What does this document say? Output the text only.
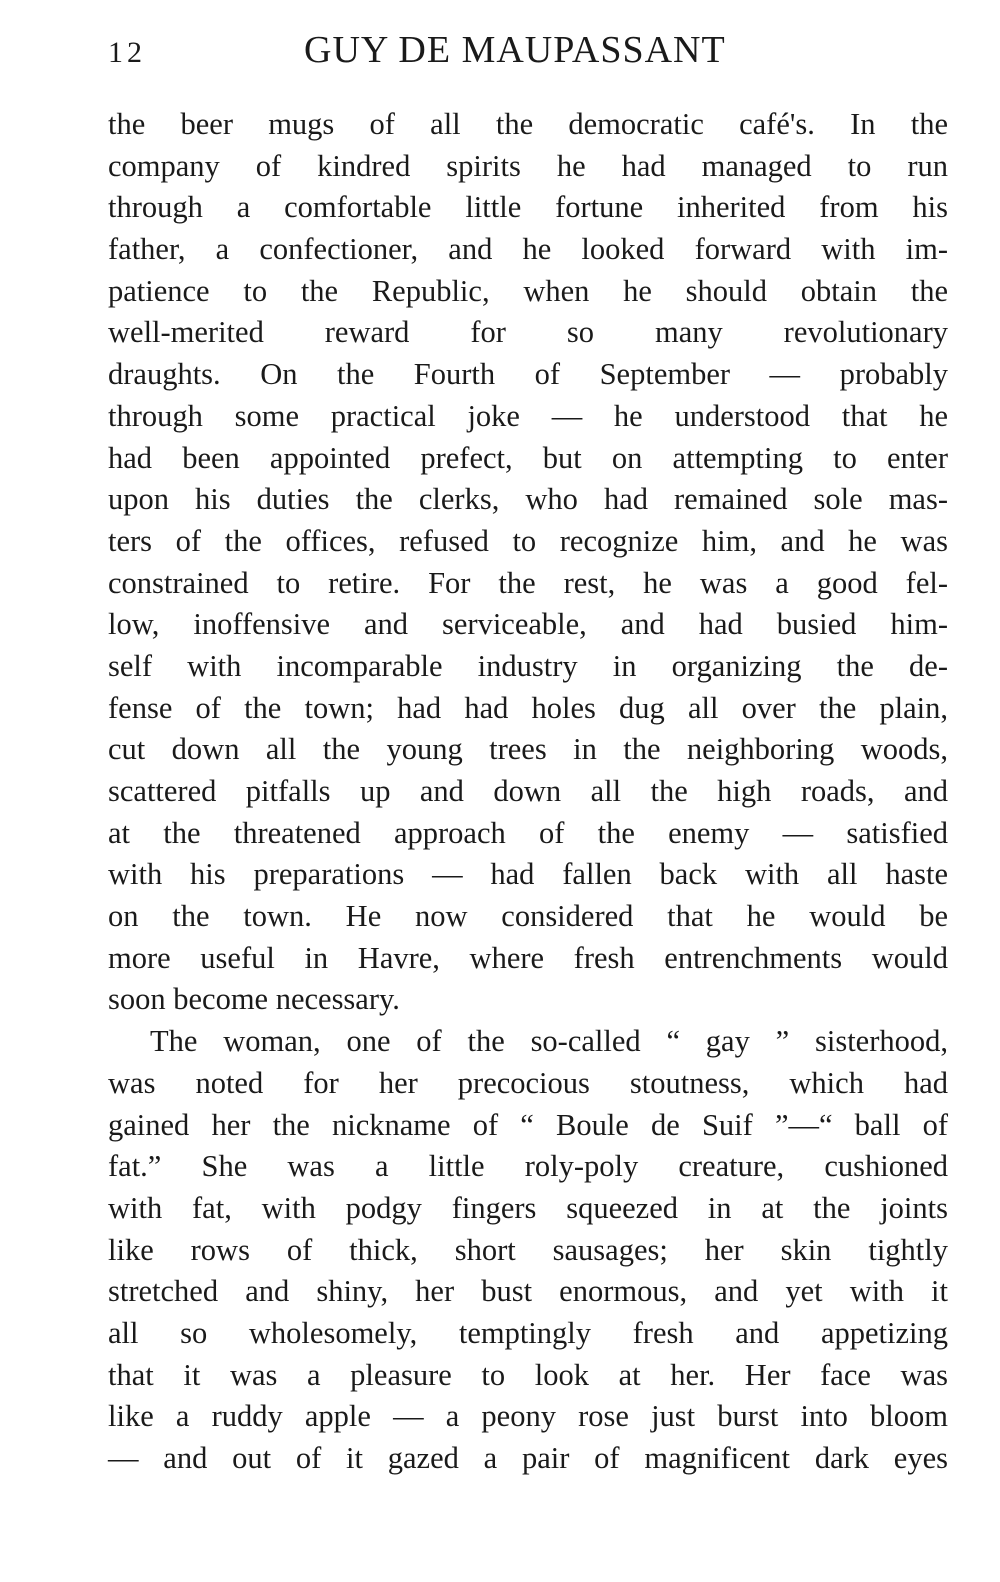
12	GUY DE MAUPASSANT
the beer mugs of all the democratic café's. In the
company of kindred spirits he had managed to run
through a comfortable little fortune inherited from his
father, a confectioner, and he looked forward with im-
patience to the Republic, when he should obtain the
well-merited reward for so many revolutionary
draughts. On the Fourth of September — probably
through some practical joke — he understood that he
had been appointed prefect, but on attempting to enter
upon his duties the clerks, who had remained sole mas-
ters of the offices, refused to recognize him, and he was
constrained to retire. For the rest, he was a good fel-
low, inoffensive and serviceable, and had busied him-
self with incomparable industry in organizing the de-
fense of the town; had had holes dug all over the plain,
cut down all the young trees in the neighboring woods,
scattered pitfalls up and down all the high roads, and
at the threatened approach of the enemy — satisfied
with his preparations — had fallen back with all haste
on the town. He now considered that he would be
more useful in Havre, where fresh entrenchments would
soon become necessary.
The woman, one of the so-called “ gay ” sisterhood,
was noted for her precocious stoutness, which had
gained her the nickname of “ Boule de Suif ”—“ ball of
fat.” She was a little roly-poly creature, cushioned
with fat, with podgy fingers squeezed in at the joints
like rows of thick, short sausages; her skin tightly
stretched and shiny, her bust enormous, and yet with it
all so wholesomely, temptingly fresh and appetizing
that it was a pleasure to look at her. Her face was
like a ruddy apple — a peony rose just burst into bloom
— and out of it gazed a pair of magnificent dark eyes
